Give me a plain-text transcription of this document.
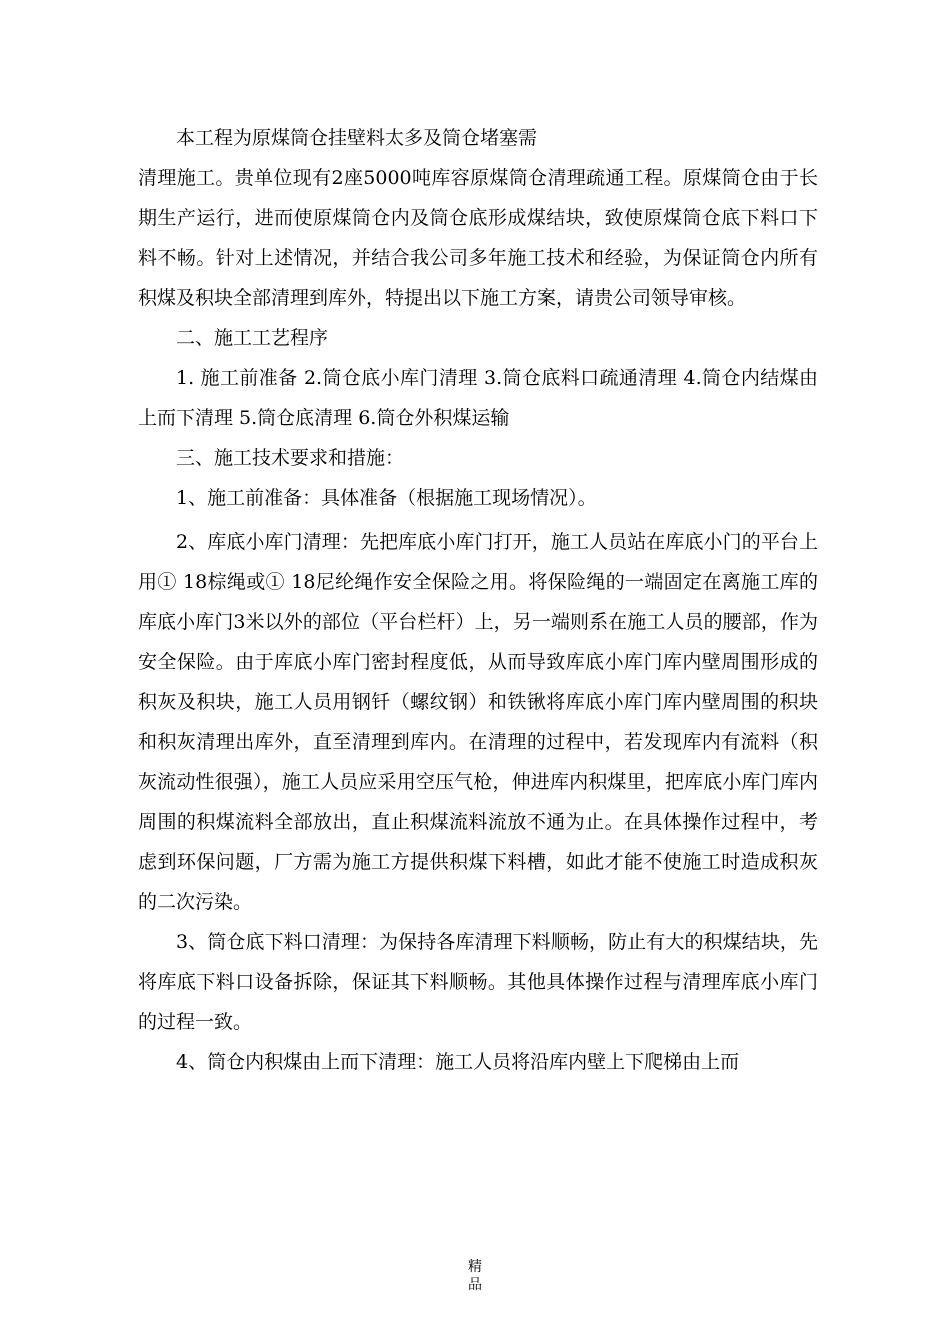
本工程为原煤筒仓挂壁料太多及筒仓堵塞需

清理施工。贵单位现有2座5000吨库容原煤筒仓清理疏通工程。原煤筒仓由于长期生产运行，进而使原煤筒仓内及筒仓底形成煤结块，致使原煤筒仓底下料口下料不畅。针对上述情况，并结合我公司多年施工技术和经验，为保证筒仓内所有积煤及积块全部清理到库外，特提出以下施工方案，请贵公司领导审核。

二、施工工艺程序

1. 施工前准备 2.筒仓底小库门清理 3.筒仓底料口疏通清理 4.筒仓内结煤由上而下清理 5.筒仓底清理 6.筒仓外积煤运输

三、施工技术要求和措施：

1、施工前准备：具体准备（根据施工现场情况）。

2、库底小库门清理：先把库底小库门打开，施工人员站在库底小门的平台上用① 18棕绳或① 18尼纶绳作安全保险之用。将保险绳的一端固定在离施工库的库底小库门3米以外的部位（平台栏杆）上，另一端则系在施工人员的腰部，作为安全保险。由于库底小库门密封程度低，从而导致库底小库门库内壁周围形成的积灰及积块，施工人员用钢钎（螺纹钢）和铁锹将库底小库门库内壁周围的积块和积灰清理出库外，直至清理到库内。在清理的过程中，若发现库内有流料（积灰流动性很强），施工人员应采用空压气枪，伸进库内积煤里，把库底小库门库内周围的积煤流料全部放出，直止积煤流料流放不通为止。在具体操作过程中，考虑到环保问题，厂方需为施工方提供积煤下料槽，如此才能不使施工时造成积灰的二次污染。

3、筒仓底下料口清理：为保持各库清理下料顺畅，防止有大的积煤结块，先将库底下料口设备拆除，保证其下料顺畅。其他具体操作过程与清理库底小库门的过程一致。

4、筒仓内积煤由上而下清理：施工人员将沿库内壁上下爬梯由上而

精
品
